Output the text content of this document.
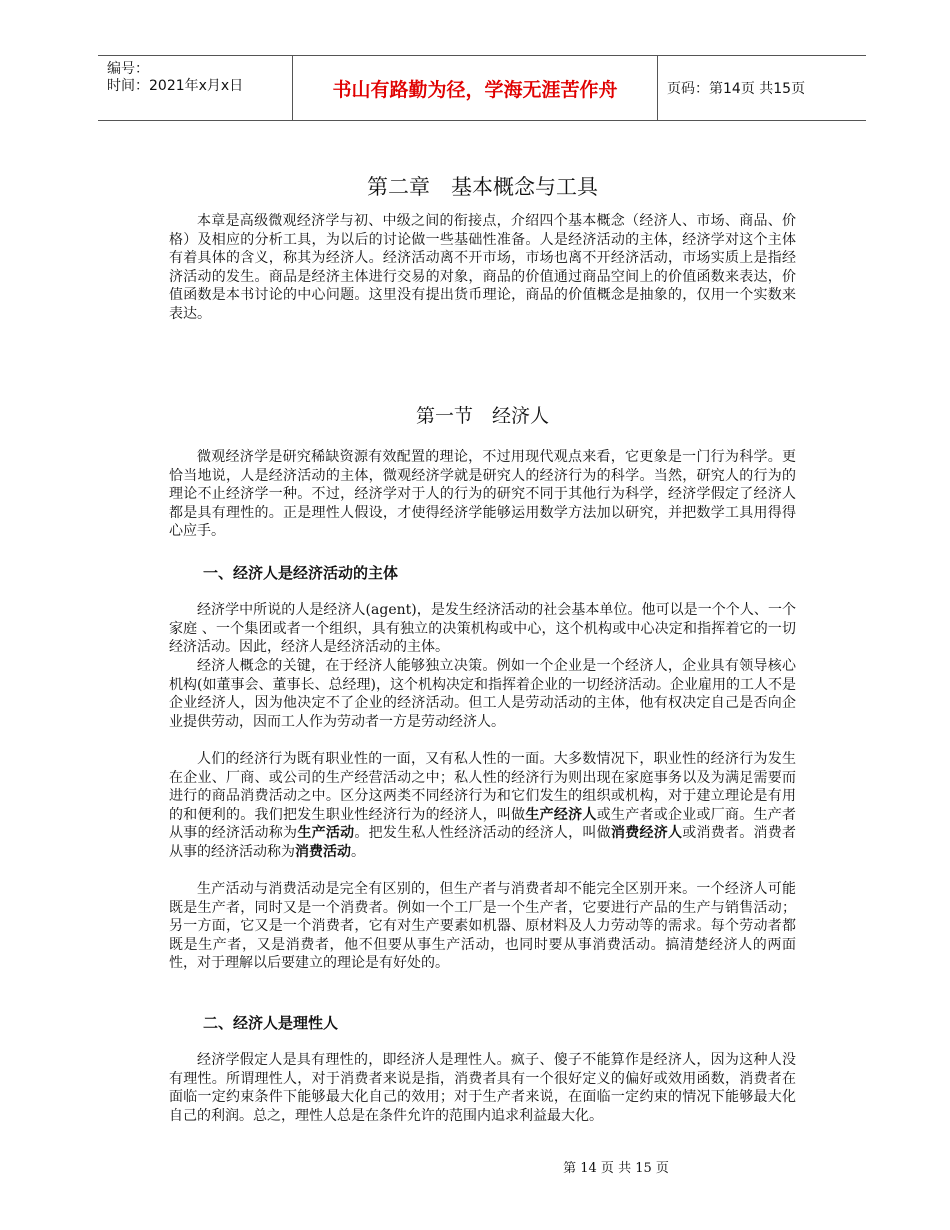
编号：
时间：2021年x月x日	书山有路勤为径，学海无涯苦作舟	页码：第14页 共15页
第二章　基本概念与工具

本章是高级微观经济学与初、中级之间的衔接点，介绍四个基本概念（经济人、市场、商品、价格）及相应的分析工具，为以后的讨论做一些基础性准备。人是经济活动的主体，经济学对这个主体有着具体的含义，称其为经济人。经济活动离不开市场，市场也离不开经济活动，市场实质上是指经济活动的发生。商品是经济主体进行交易的对象，商品的价值通过商品空间上的价值函数来表达，价值函数是本书讨论的中心问题。这里没有提出货币理论，商品的价值概念是抽象的，仅用一个实数来表达。

第一节　经济人

微观经济学是研究稀缺资源有效配置的理论，不过用现代观点来看，它更象是一门行为科学。更恰当地说，人是经济活动的主体，微观经济学就是研究人的经济行为的科学。当然，研究人的行为的理论不止经济学一种。不过，经济学对于人的行为的研究不同于其他行为科学，经济学假定了经济人都是具有理性的。正是理性人假设，才使得经济学能够运用数学方法加以研究，并把数学工具用得得心应手。

一、经济人是经济活动的主体

经济学中所说的人是经济人(agent)，是发生经济活动的社会基本单位。他可以是一个个人、一个家庭 、一个集团或者一个组织，具有独立的决策机构或中心，这个机构或中心决定和指挥着它的一切经济活动。因此，经济人是经济活动的主体。

经济人概念的关键，在于经济人能够独立决策。例如一个企业是一个经济人，企业具有领导核心机构(如董事会、董事长、总经理)，这个机构决定和指挥着企业的一切经济活动。企业雇用的工人不是企业经济人，因为他决定不了企业的经济活动。但工人是劳动活动的主体，他有权决定自己是否向企业提供劳动，因而工人作为劳动者一方是劳动经济人。

人们的经济行为既有职业性的一面，又有私人性的一面。大多数情况下，职业性的经济行为发生在企业、厂商、或公司的生产经营活动之中；私人性的经济行为则出现在家庭事务以及为满足需要而进行的商品消费活动之中。区分这两类不同经济行为和它们发生的组织或机构，对于建立理论是有用的和便利的。我们把发生职业性经济行为的经济人，叫做生产经济人或生产者或企业或厂商。生产者从事的经济活动称为生产活动。把发生私人性经济活动的经济人，叫做消费经济人或消费者。消费者从事的经济活动称为消费活动。

生产活动与消费活动是完全有区别的，但生产者与消费者却不能完全区别开来。一个经济人可能既是生产者，同时又是一个消费者。例如一个工厂是一个生产者，它要进行产品的生产与销售活动；另一方面，它又是一个消费者，它有对生产要素如机器、原材料及人力劳动等的需求。每个劳动者都既是生产者，又是消费者，他不但要从事生产活动，也同时要从事消费活动。搞清楚经济人的两面性，对于理解以后要建立的理论是有好处的。

二、经济人是理性人

经济学假定人是具有理性的，即经济人是理性人。疯子、傻子不能算作是经济人，因为这种人没有理性。所谓理性人，对于消费者来说是指，消费者具有一个很好定义的偏好或效用函数，消费者在面临一定约束条件下能够最大化自己的效用；对于生产者来说，在面临一定约束的情况下能够最大化自己的利润。总之，理性人总是在条件允许的范围内追求利益最大化。

第 14 页 共 15 页
